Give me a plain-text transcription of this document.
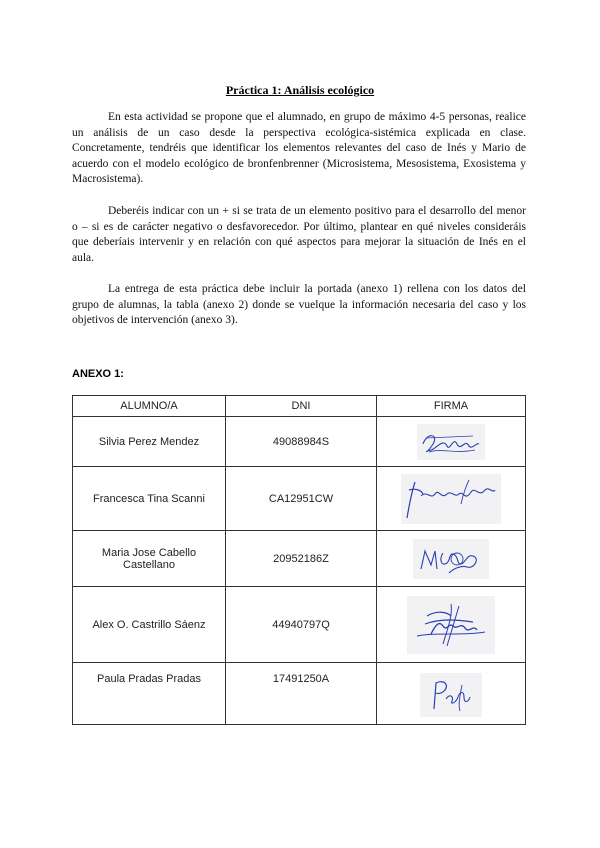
Práctica 1: Análisis ecológico

En esta actividad se propone que el alumnado, en grupo de máximo 4-5 personas, realice un análisis de un caso desde la perspectiva ecológica-sistémica explicada en clase. Concretamente, tendréis que identificar los elementos relevantes del caso de Inés y Mario de acuerdo con el modelo ecológico de bronfenbrenner (Microsistema, Mesosistema, Exosistema y Macrosistema).

Deberéis indicar con un + si se trata de un elemento positivo para el desarrollo del menor o – si es de carácter negativo o desfavorecedor. Por último, plantear en qué niveles consideráis que deberíais intervenir y en relación con qué aspectos para mejorar la situación de Inés en el aula.

La entrega de esta práctica debe incluir la portada (anexo 1) rellena con los datos del grupo de alumnas, la tabla (anexo 2) donde se vuelque la información necesaria del caso y los objetivos de intervención (anexo 3).

ANEXO 1:
ALUMNO/A	DNI	FIRMA
Silvia Perez Mendez	49088984S	

Francesca Tina Scanni	CA12951CW	

Maria Jose Cabello Castellano	20952186Z	

Alex O. Castrillo Sáenz	44940797Q	

Paula Pradas Pradas	17491250A	
